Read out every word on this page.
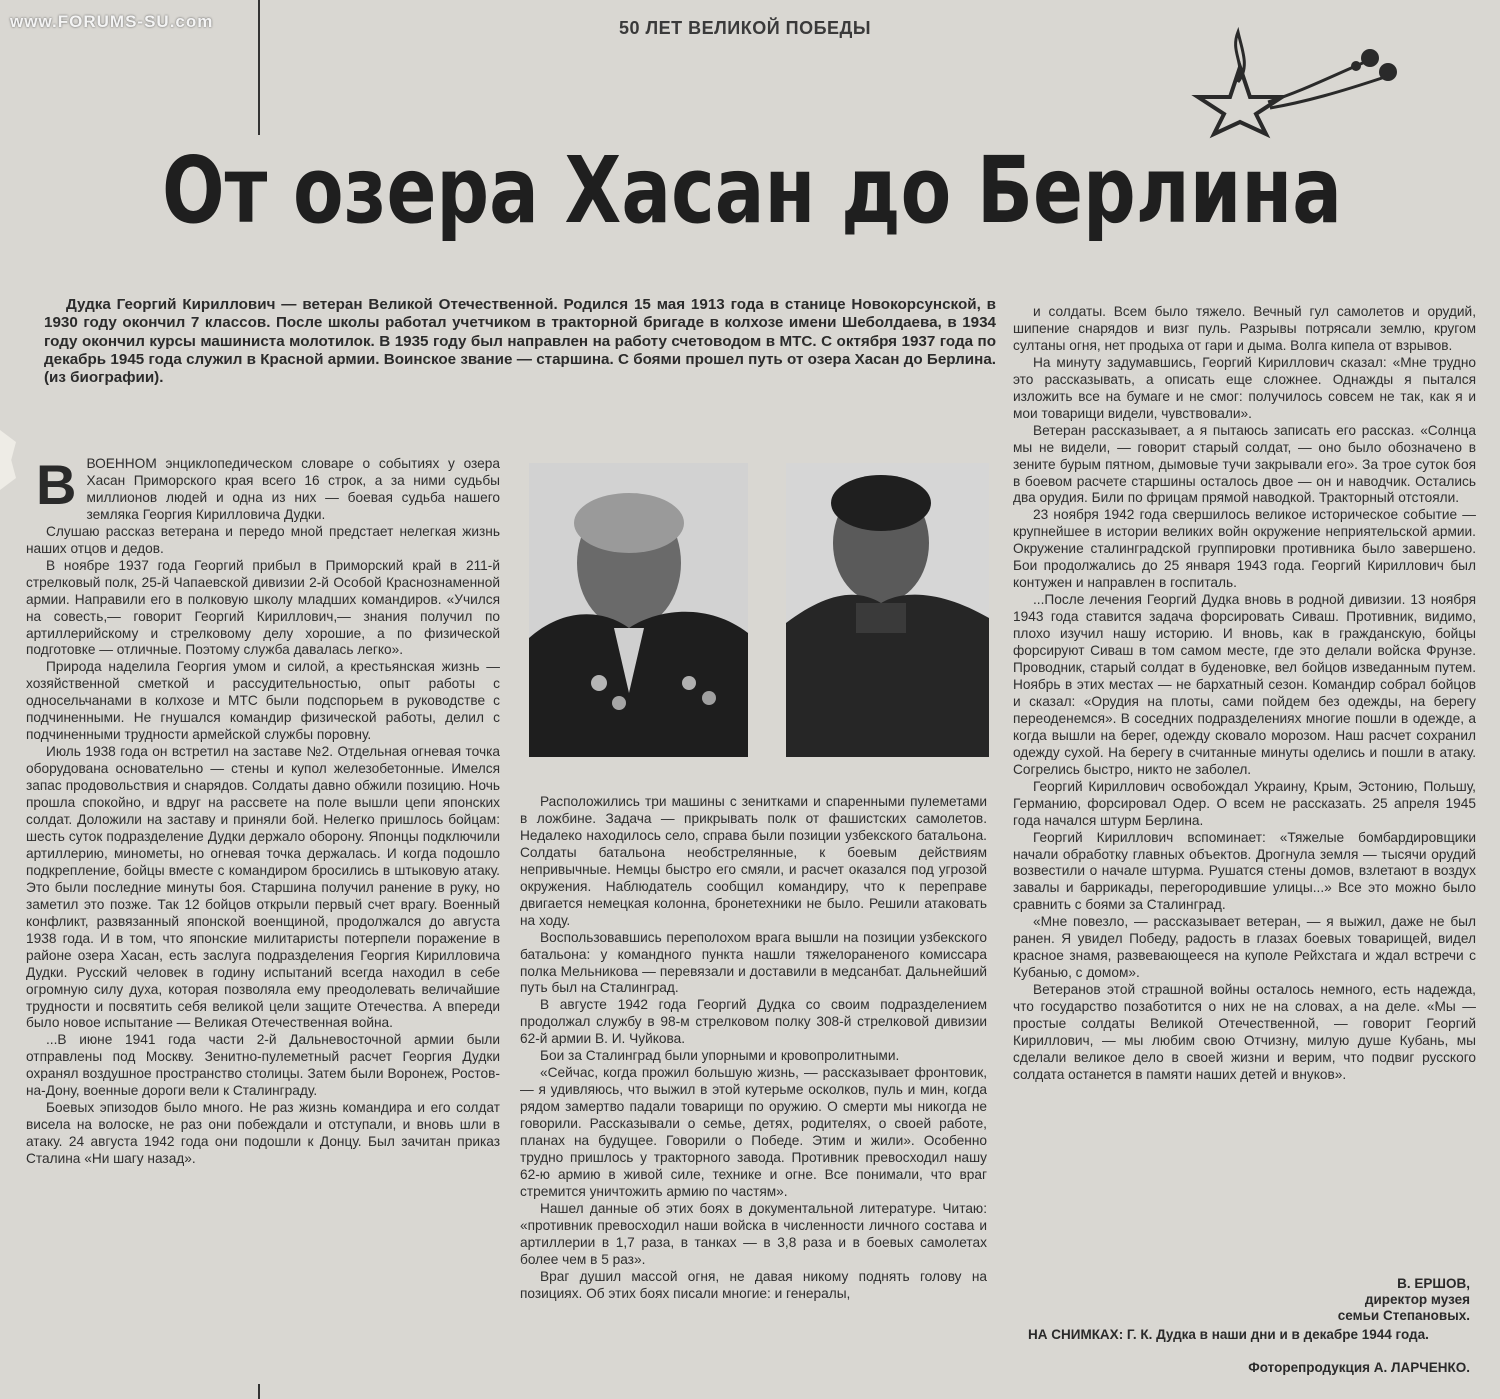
www.FORUMS-SU.com	50 ЛЕТ ВЕЛИКОЙ ПОБЕДЫ
От озера Хасан до Берлина
Дудка Георгий Кириллович — ветеран Великой Отечественной. Родился 15 мая 1913 года в станице Новокорсунской, в 1930 году окончил 7 классов. После школы работал учетчиком в тракторной бригаде в колхозе имени Шеболдаева, в 1934 году окончил курсы машиниста молотилок. В 1935 году был направлен на работу счетоводом в МТС. С октября 1937 года по декабрь 1945 года служил в Красной армии. Воинское звание — старшина. С боями прошел путь от озера Хасан до Берлина. (из биографии).

ВВОЕННОМ энциклопедическом словаре о событиях у озера Хасан Приморского края всего 16 строк, а за ними судьбы миллионов людей и одна из них — боевая судьба нашего земляка Георгия Кирилловича Дудки.

Слушаю рассказ ветерана и передо мной предстает нелегкая жизнь наших отцов и дедов.

В ноябре 1937 года Георгий прибыл в Приморский край в 211-й стрелковый полк, 25-й Чапаевской дивизии 2-й Особой Краснознаменной армии. Направили его в полковую школу младших командиров. «Учился на совесть,— говорит Георгий Кириллович,— знания получил по артиллерийскому и стрелковому делу хорошие, а по физической подготовке — отличные. Поэтому служба давалась легко».

Природа наделила Георгия умом и силой, а крестьянская жизнь — хозяйственной сметкой и рассудительностью, опыт работы с односельчанами в колхозе и МТС были подспорьем в руководстве с подчиненными. Не гнушался командир физической работы, делил с подчиненными трудности армейской службы поровну.

Июль 1938 года он встретил на заставе №2. Отдельная огневая точка оборудована основательно — стены и купол железобетонные. Имелся запас продовольствия и снарядов. Солдаты давно обжили позицию. Ночь прошла спокойно, и вдруг на рассвете на поле вышли цепи японских солдат. Доложили на заставу и приняли бой. Нелегко пришлось бойцам: шесть суток подразделение Дудки держало оборону. Японцы подключили артиллерию, минометы, но огневая точка держалась. И когда подошло подкрепление, бойцы вместе с командиром бросились в штыковую атаку. Это были последние минуты боя. Старшина получил ранение в руку, но заметил это позже. Так 12 бойцов открыли первый счет врагу. Военный конфликт, развязанный японской военщиной, продолжался до августа 1938 года. И в том, что японские милитаристы потерпели поражение в районе озера Хасан, есть заслуга подразделения Георгия Кирилловича Дудки. Русский человек в годину испытаний всегда находил в себе огромную силу духа, которая позволяла ему преодолевать величайшие трудности и посвятить себя великой цели защите Отечества. А впереди было новое испытание — Великая Отечественная война.

...В июне 1941 года части 2-й Дальневосточной армии были отправлены под Москву. Зенитно-пулеметный расчет Георгия Дудки охранял воздушное пространство столицы. Затем были Воронеж, Ростов-на-Дону, военные дороги вели к Сталинграду.

Боевых эпизодов было много. Не раз жизнь командира и его солдат висела на волоске, не раз они побеждали и отступали, и вновь шли в атаку. 24 августа 1942 года они подошли к Донцу. Был зачитан приказ Сталина «Ни шагу назад».

Расположились три машины с зенитками и спаренными пулеметами в ложбине. Задача — прикрывать полк от фашистских самолетов. Недалеко находилось село, справа были позиции узбекского батальона. Солдаты батальона необстрелянные, к боевым действиям непривычные. Немцы быстро его смяли, и расчет оказался под угрозой окружения. Наблюдатель сообщил командиру, что к переправе двигается немецкая колонна, бронетехники не было. Решили атаковать на ходу.

Воспользовавшись переполохом врага вышли на позиции узбекского батальона: у командного пункта нашли тяжелораненого комиссара полка Мельникова — перевязали и доставили в медсанбат. Дальнейший путь был на Сталинград.

В августе 1942 года Георгий Дудка со своим подразделением продолжал службу в 98-м стрелковом полку 308-й стрелковой дивизии 62-й армии В. И. Чуйкова.

Бои за Сталинград были упорными и кровопролитными.

«Сейчас, когда прожил большую жизнь, — рассказывает фронтовик, — я удивляюсь, что выжил в этой кутерьме осколков, пуль и мин, когда рядом замертво падали товарищи по оружию. О смерти мы никогда не говорили. Рассказывали о семье, детях, родителях, о своей работе, планах на будущее. Говорили о Победе. Этим и жили». Особенно трудно пришлось у тракторного завода. Противник превосходил нашу 62-ю армию в живой силе, технике и огне. Все понимали, что враг стремится уничтожить армию по частям».

Нашел данные об этих боях в документальной литературе. Читаю: «противник превосходил наши войска в численности личного состава и артиллерии в 1,7 раза, в танках — в 3,8 раза и в боевых самолетах более чем в 5 раз».

Враг душил массой огня, не давая никому поднять голову на позициях. Об этих боях писали многие: и генералы,

и солдаты. Всем было тяжело. Вечный гул самолетов и орудий, шипение снарядов и визг пуль. Разрывы потрясали землю, кругом султаны огня, нет продыха от гари и дыма. Волга кипела от взрывов.

На минуту задумавшись, Георгий Кириллович сказал: «Мне трудно это рассказывать, а описать еще сложнее. Однажды я пытался изложить все на бумаге и не смог: получилось совсем не так, как я и мои товарищи видели, чувствовали».

Ветеран рассказывает, а я пытаюсь записать его рассказ. «Солнца мы не видели, — говорит старый солдат, — оно было обозначено в зените бурым пятном, дымовые тучи закрывали его». За трое суток боя в боевом расчете старшины осталось двое — он и наводчик. Остались два орудия. Били по фрицам прямой наводкой. Тракторный отстояли.

23 ноября 1942 года свершилось великое историческое событие — крупнейшее в истории великих войн окружение неприятельской армии. Окружение сталинградской группировки противника было завершено. Бои продолжались до 25 января 1943 года. Георгий Кириллович был контужен и направлен в госпиталь.

...После лечения Георгий Дудка вновь в родной дивизии. 13 ноября 1943 года ставится задача форсировать Сиваш. Противник, видимо, плохо изучил нашу историю. И вновь, как в гражданскую, бойцы форсируют Сиваш в том самом месте, где это делали войска Фрунзе. Проводник, старый солдат в буденовке, вел бойцов изведанным путем. Ноябрь в этих местах — не бархатный сезон. Командир собрал бойцов и сказал: «Орудия на плоты, сами пойдем без одежды, на берегу переоденемся». В соседних подразделениях многие пошли в одежде, а когда вышли на берег, одежду сковало морозом. Наш расчет сохранил одежду сухой. На берегу в считанные минуты оделись и пошли в атаку. Согрелись быстро, никто не заболел.

Георгий Кириллович освобождал Украину, Крым, Эстонию, Польшу, Германию, форсировал Одер. О всем не рассказать. 25 апреля 1945 года начался штурм Берлина.

Георгий Кириллович вспоминает: «Тяжелые бомбардировщики начали обработку главных объектов. Дрогнула земля — тысячи орудий возвестили о начале штурма. Рушатся стены домов, взлетают в воздух завалы и баррикады, перегородившие улицы...» Все это можно было сравнить с боями за Сталинград.

«Мне повезло, — рассказывает ветеран, — я выжил, даже не был ранен. Я увидел Победу, радость в глазах боевых товарищей, видел красное знамя, развевающееся на куполе Рейхстага и ждал встречи с Кубанью, с домом».

Ветеранов этой страшной войны осталось немного, есть надежда, что государство позаботится о них не на словах, а на деле. «Мы — простые солдаты Великой Отечественной, — говорит Георгий Кириллович, — мы любим свою Отчизну, милую душе Кубань, мы сделали великое дело в своей жизни и верим, что подвиг русского солдата останется в памяти наших детей и внуков».

В. ЕРШОВ,
директор музея
семьи Степановых.
НА СНИМКАХ: Г. К. Дудка в наши дни и в декабре 1944 года.
Фоторепродукция А. ЛАРЧЕНКО.
